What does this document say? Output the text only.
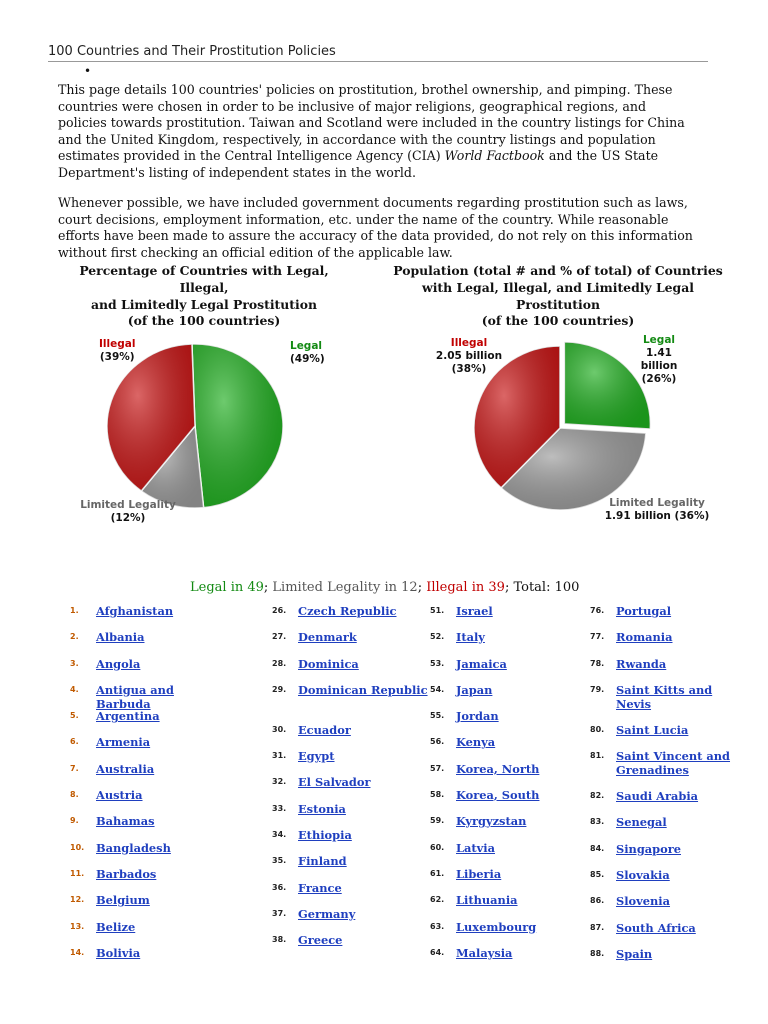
100 Countries and Their Prostitution Policies
•

This page details 100 countries' policies on prostitution, brothel ownership, and pimping. These countries were chosen in order to be inclusive of major religions, geographical regions, and policies towards prostitution. Taiwan and Scotland were included in the country listings for China and the United Kingdom, respectively, in accordance with the country listings and population estimates provided in the Central Intelligence Agency (CIA) World Factbook and the US State Department's listing of independent states in the world.

Whenever possible, we have included government documents regarding prostitution such as laws, court decisions, employment information, etc. under the name of the country. While reasonable efforts have been made to assure the accuracy of the data provided, do not rely on this information without first checking an official edition of the applicable law.

Percentage of Countries with Legal, Illegal,
and Limitedly Legal Prostitution
(of the 100 countries)
Population (total # and % of total) of Countries
with Legal, Illegal, and Limitedly Legal
Prostitution
(of the 100 countries)
Illegal
(39%)
Legal
(49%)
Limited Legality
(12%)
Illegal
2.05 billion
(38%)
Legal
1.41 billion
(26%)
Limited Legality
1.91 billion (36%)
Legal in 49; Limited Legality in 12; Illegal in 39; Total: 100
1.	Afghanistan
2.	Albania
3.	Angola
4.	Antigua and Barbuda
5.	Argentina
6.	Armenia
7.	Australia
8.	Austria
9.	Bahamas
10.	Bangladesh
11.	Barbados
12.	Belgium
13.	Belize
14.	Bolivia
26.	Czech Republic
27.	Denmark
28.	Dominica
29.	Dominican Republic
30.	Ecuador
31.	Egypt
32.	El Salvador
33.	Estonia
34.	Ethiopia
35.	Finland
36.	France
37.	Germany
38.	Greece
51.	Israel
52.	Italy
53.	Jamaica
54.	Japan
55.	Jordan
56.	Kenya
57.	Korea, North
58.	Korea, South
59.	Kyrgyzstan
60.	Latvia
61.	Liberia
62.	Lithuania
63.	Luxembourg
64.	Malaysia
76.	Portugal
77.	Romania
78.	Rwanda
79.	Saint Kitts and Nevis
80.	Saint Lucia
81.	Saint Vincent and Grenadines
82.	Saudi Arabia
83.	Senegal
84.	Singapore
85.	Slovakia
86.	Slovenia
87.	South Africa
88.	Spain
